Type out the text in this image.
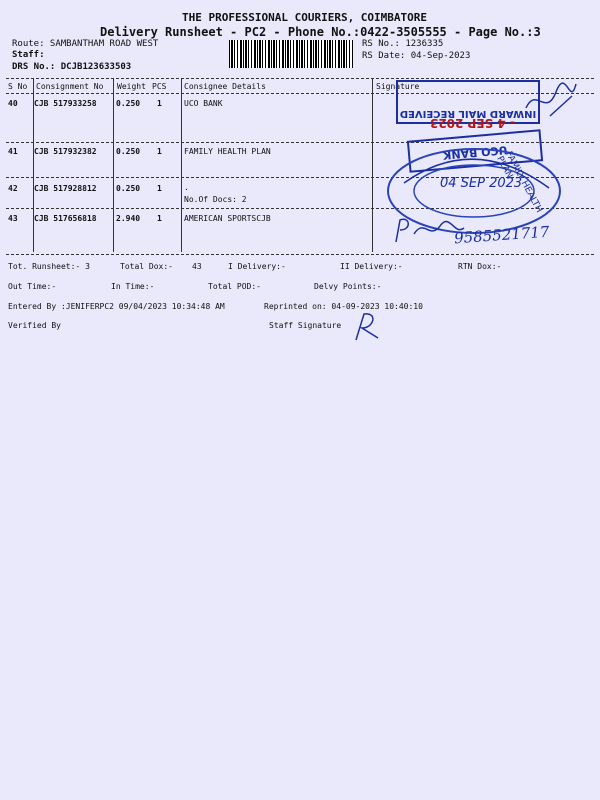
THE PROFESSIONAL COURIERS, COIMBATORE
Delivery Runsheet - PC2 - Phone No.:0422-3505555 - Page No.:3
Route: SAMBANTHAM ROAD WEST
Staff:
DRS No.: DCJB123633503
RS No.: 1236335
RS Date: 04-Sep-2023
S No Consignment No Weight PCS Consignee Details	Signature
40 CJB 517933258 0.250 1	UCO BANK
41 CJB 517932382 0.250 1	FAMILY HEALTH PLAN
42 CJB 517928812 0.250 1	.
No.Of Docs: 2
43 CJB 517656818 2.940 1	AMERICAN SPORTSCJB
INWARD MAIL RECEIVED
- 4 SEP 2023
UCO BANK
FAMILY HEALTH PLAN
04 SEP 2023
9585521717
Tot. Runsheet:- 3	Total Dox:- 43	I Delivery:-	II Delivery:-	RTN Dox:-
Out Time:-	In Time:-	Total POD:-	Delvy Points:-
Entered By :JENIFERPC2 09/04/2023 10:34:48 AM	Reprinted on: 04-09-2023 10:40:10
Verified By	Staff Signature
